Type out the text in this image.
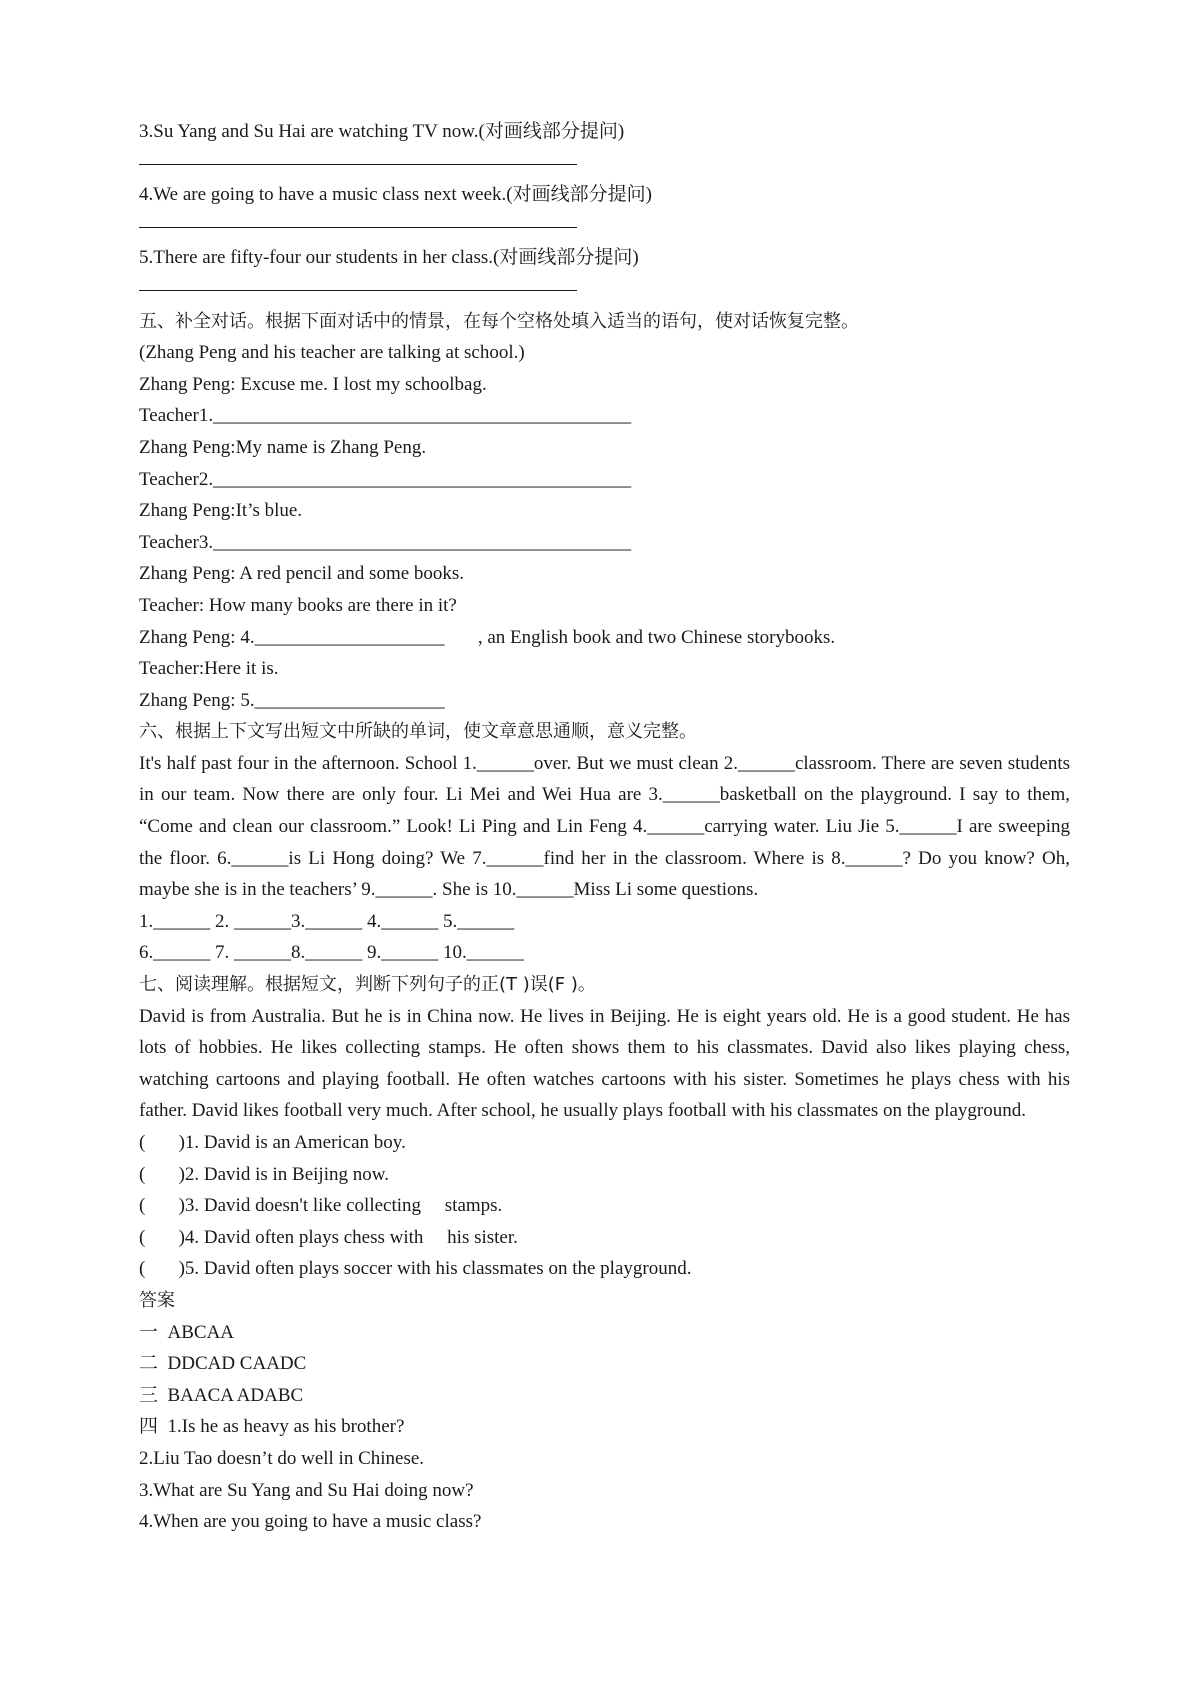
3.Su Yang and Su Hai are watching TV now.(对画线部分提问)
4.We are going to have a music class next week.(对画线部分提问)
5.There are fifty-four our students in her class.(对画线部分提问)
五、补全对话。根据下面对话中的情景，在每个空格处填入适当的语句，使对话恢复完整。
(Zhang Peng and his teacher are talking at school.)
Zhang Peng: Excuse me. I lost my schoolbag.
Teacher1.____________________________________________
Zhang Peng:My name is Zhang Peng.
Teacher2.____________________________________________
Zhang Peng:It’s blue.
Teacher3.____________________________________________
Zhang Peng: A red pencil and some books.
Teacher: How many books are there in it?
Zhang Peng: 4.____________________       , an English book and two Chinese storybooks.
Teacher:Here it is.
Zhang Peng: 5.____________________
六、根据上下文写出短文中所缺的单词，使文章意思通顺，意义完整。
It's half past four in the afternoon. School 1.______over. But we must clean 2.______classroom. There are seven students in our team. Now there are only four. Li Mei and Wei Hua are 3.______basketball on the playground. I say to them, “Come and clean our classroom.” Look! Li Ping and Lin Feng 4.______carrying water. Liu Jie 5.______I are sweeping the floor. 6.______is Li Hong doing? We 7.______find her in the classroom. Where is 8.______? Do you know? Oh, maybe she is in the teachers’ 9.______. She is 10.______Miss Li some questions.
1.______ 2. ______3.______ 4.______ 5.______
6.______ 7. ______8.______ 9.______ 10.______
七、阅读理解。根据短文，判断下列句子的正(T )误(F )。
David is from Australia. But he is in China now. He lives in Beijing. He is eight years old. He is a good student. He has lots of hobbies. He likes collecting stamps. He often shows them to his classmates. David also likes playing chess, watching cartoons and playing football. He often watches cartoons with his sister. Sometimes he plays chess with his father. David likes football very much. After school, he usually plays football with his classmates on the playground.
(       )1. David is an American boy.
(       )2. David is in Beijing now.
(       )3. David doesn't like collecting     stamps.
(       )4. David often plays chess with     his sister.
(       )5. David often plays soccer with his classmates on the playground.
答案
一  ABCAA
二  DDCAD CAADC
三  BAACA ADABC
四  1.Is he as heavy as his brother?
2.Liu Tao doesn’t do well in Chinese.
3.What are Su Yang and Su Hai doing now?
4.When are you going to have a music class?
